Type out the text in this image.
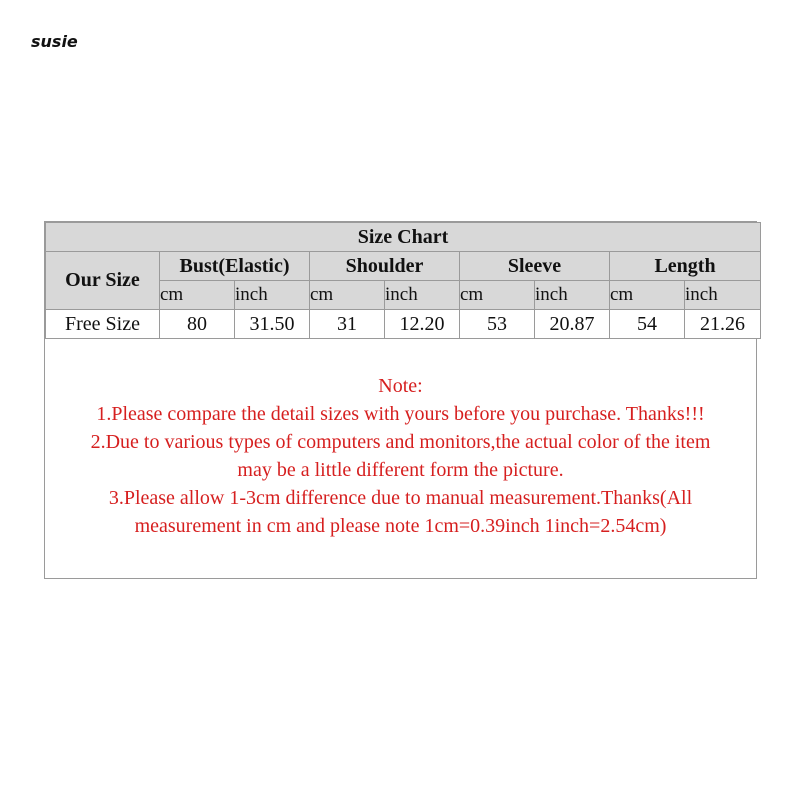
susie
Size Chart								
Our Size	Bust(Elastic)		Shoulder		Sleeve		Length	
	cm	inch	cm	inch	cm	inch	cm	inch
Free Size	80	31.50	31	12.20	53	20.87	54	21.26
Note:
1.Please compare the detail sizes with yours before you purchase. Thanks!!!
2.Due to various types of computers and monitors,the actual color of the item
may be a little different form the picture.
3.Please allow 1-3cm difference due to manual measurement.Thanks(All
measurement in cm and please note 1cm=0.39inch 1inch=2.54cm)
